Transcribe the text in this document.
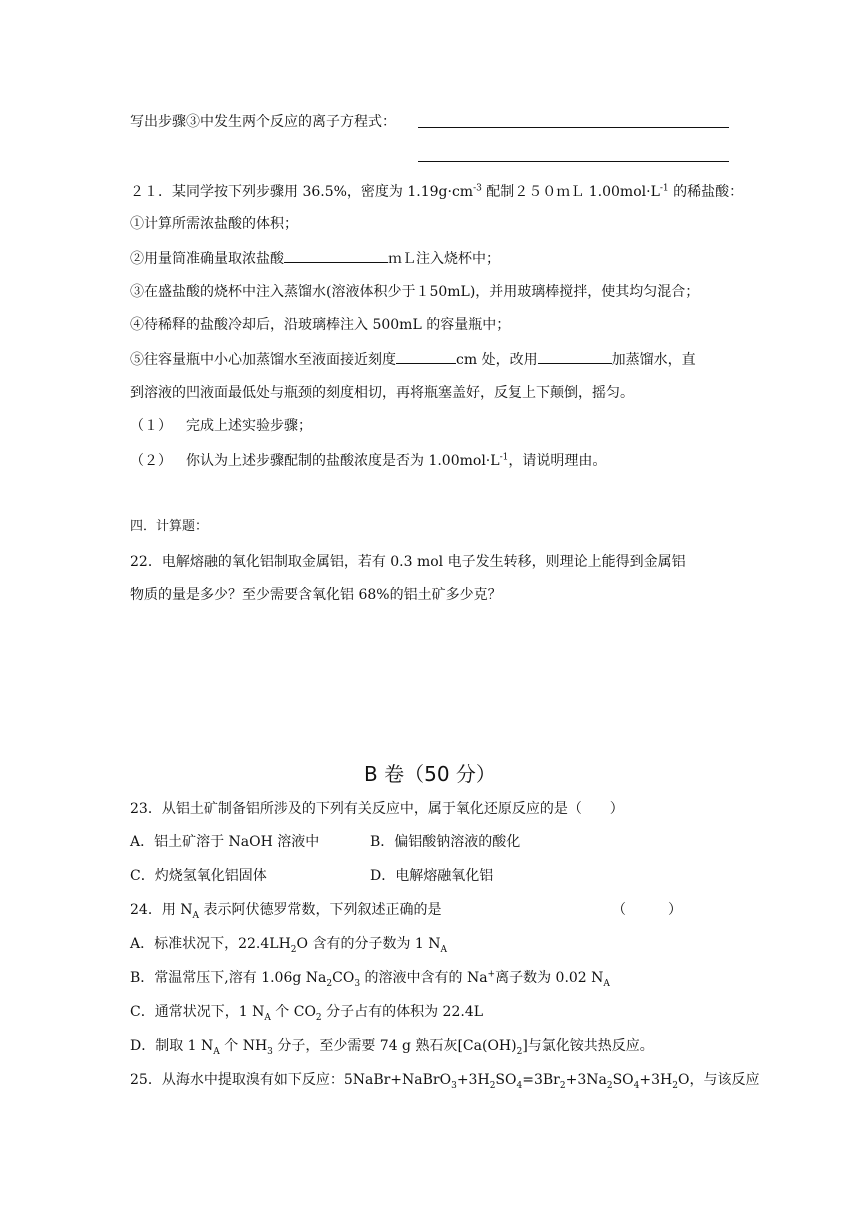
写出步骤③中发生两个反应的离子方程式：
２１．某同学按下列步骤用 36.5%，密度为 $1.19g\cdot cm^{-3}$ 配制２５０ｍＬ $1.00mol\cdot L^{-1}$ 的稀盐酸：
①计算所需浓盐酸的体积；
②用量筒准确量取浓盐酸	ｍＬ注入烧杯中；
③在盛盐酸的烧杯中注入蒸馏水(溶液体积少于１50mL)，并用玻璃棒搅拌，使其均匀混合；
④待稀释的盐酸冷却后，沿玻璃棒注入 500mL 的容量瓶中；
⑤往容量瓶中小心加蒸馏水至液面接近刻度	cm 处，改用	加蒸馏水，直
到溶液的凹液面最低处与瓶颈的刻度相切，再将瓶塞盖好，反复上下颠倒，摇匀。
（１） 完成上述实验步骤；
（２） 你认为上述步骤配制的盐酸浓度是否为 $1.00mol\cdot L^{-1}$，请说明理由。
四．计算题：
22．电解熔融的氧化铝制取金属铝，若有 0.3 mol 电子发生转移，则理论上能得到金属铝
物质的量是多少？至少需要含氧化铝 68%的铝土矿多少克？
B 卷（50 分）
23．从铝土矿制备铝所涉及的下列有关反应中，属于氧化还原反应的是（　　）
A．铝土矿溶于 NaOH 溶液中	B．偏铝酸钠溶液的酸化
C．灼烧氢氧化铝固体	D．电解熔融氧化铝
24．用 $N_A$ 表示阿伏德罗常数，下列叙述正确的是	（　　　）
A．标准状况下，$22.4LH_2O$ 含有的分子数为 1 $N_A$
B．常温常压下,溶有 1.06g $Na_2CO_3$ 的溶液中含有的 Na+离子数为 0.02 $N_A$
C．通常状况下，1 $N_A$ 个 $CO_2$ 分子占有的体积为 22.4L
D．制取 1 $N_A$ 个 $NH_3$ 分子，至少需要 74 g 熟石灰$[Ca(OH)_2]$与氯化铵共热反应。
25．从海水中提取溴有如下反应：$5NaBr+NaBrO_3+3H_2SO_4=3Br_2+3Na_2SO_4+3H_2O$，与该反应
